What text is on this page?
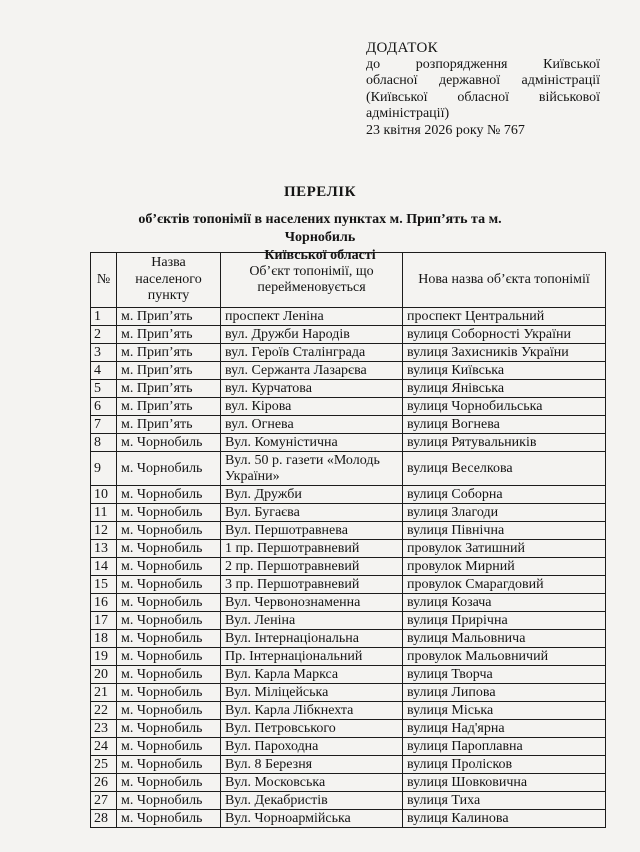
ДОДАТОК
до розпорядження Київської
обласної державної адміністрації
(Київської обласної військової
адміністрації)
23 квітня 2026 року № 767
ПЕРЕЛІК
об’єктів топонімії в населених пунктах м. Прип’ять та м. Чорнобиль
Київської області
№	Назва населеного пункту	Об’єкт топонімії, що перейменовується	Нова назва об’єкта топонімії
1	м. Прип’ять	проспект Леніна	проспект Центральний
2	м. Прип’ять	вул. Дружби Народів	вулиця Соборності України
3	м. Прип’ять	вул. Героїв Сталінграда	вулиця Захисників України
4	м. Прип’ять	вул. Сержанта Лазарєва	вулиця Київська
5	м. Прип’ять	вул. Курчатова	вулиця Янівська
6	м. Прип’ять	вул. Кірова	вулиця Чорнобильська
7	м. Прип’ять	вул. Огнева	вулиця Вогнева
8	м. Чорнобиль	Вул. Комуністична	вулиця Рятувальників
9	м. Чорнобиль	Вул. 50 р. газети «Молодь України»	вулиця Веселкова
10	м. Чорнобиль	Вул. Дружби	вулиця Соборна
11	м. Чорнобиль	Вул. Бугаєва	вулиця Злагоди
12	м. Чорнобиль	Вул. Першотравнева	вулиця Північна
13	м. Чорнобиль	1 пр. Першотравневий	провулок Затишний
14	м. Чорнобиль	2 пр. Першотравневий	провулок Мирний
15	м. Чорнобиль	3 пр. Першотравневий	провулок Смарагдовий
16	м. Чорнобиль	Вул. Червонознаменна	вулиця Козача
17	м. Чорнобиль	Вул. Леніна	вулиця Прирічна
18	м. Чорнобиль	Вул. Інтернаціональна	вулиця Мальовнича
19	м. Чорнобиль	Пр. Інтернаціональний	провулок Мальовничий
20	м. Чорнобиль	Вул. Карла Маркса	вулиця Творча
21	м. Чорнобиль	Вул. Міліцейська	вулиця Липова
22	м. Чорнобиль	Вул. Карла Лібкнехта	вулиця Міська
23	м. Чорнобиль	Вул. Петровського	вулиця Над'ярна
24	м. Чорнобиль	Вул. Пароходна	вулиця Пароплавна
25	м. Чорнобиль	Вул. 8 Березня	вулиця Пролісков
26	м. Чорнобиль	Вул. Московська	вулиця Шовковична
27	м. Чорнобиль	Вул. Декабристів	вулиця Тиха
28	м. Чорнобиль	Вул. Чорноармійська	вулиця Калинова
